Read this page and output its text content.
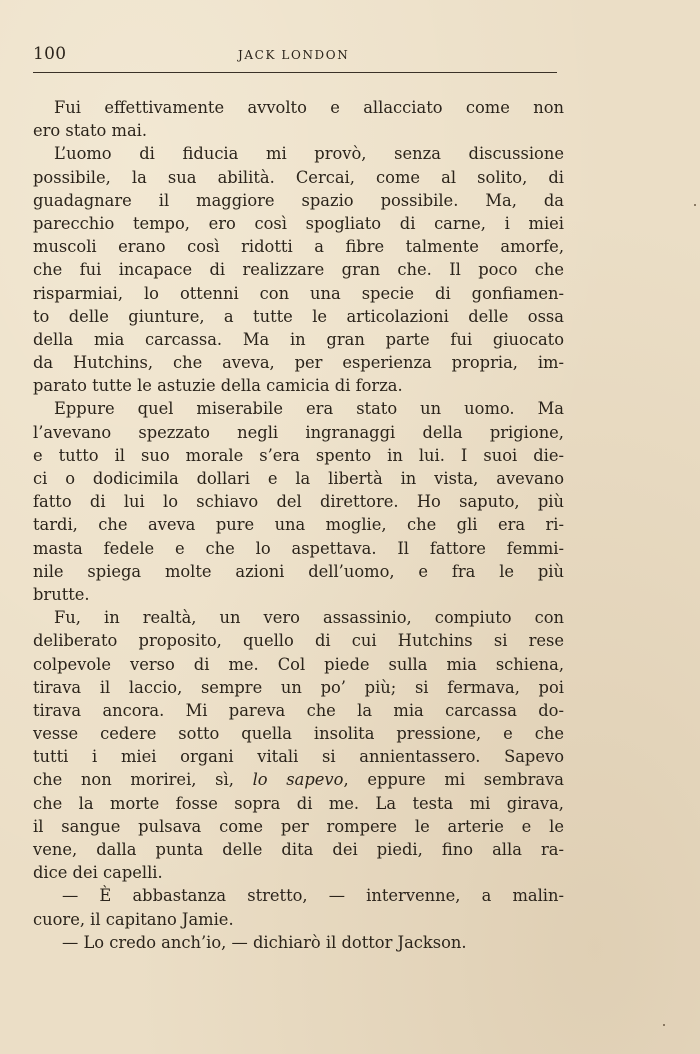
100	JACK LONDON
Fui effettivamente avvolto e allacciato come non
ero stato mai.
L’uomo di fiducia mi provò, senza discussione
possibile, la sua abilità. Cercai, come al solito, di
guadagnare il maggiore spazio possibile. Ma, da
parecchio tempo, ero così spogliato di carne, i miei
muscoli erano così ridotti a fibre talmente amorfe,
che fui incapace di realizzare gran che. Il poco che
risparmiai, lo ottenni con una specie di gonfiamen-
to delle giunture, a tutte le articolazioni delle ossa
della mia carcassa. Ma in gran parte fui giuocato
da Hutchins, che aveva, per esperienza propria, im-
parato tutte le astuzie della camicia di forza.
Eppure quel miserabile era stato un uomo. Ma
l’avevano spezzato negli ingranaggi della prigione,
e tutto il suo morale s’era spento in lui. I suoi die-
ci o dodicimila dollari e la libertà in vista, avevano
fatto di lui lo schiavo del direttore. Ho saputo, più
tardi, che aveva pure una moglie, che gli era ri-
masta fedele e che lo aspettava. Il fattore femmi-
nile spiega molte azioni dell’uomo, e fra le più
brutte.
Fu, in realtà, un vero assassinio, compiuto con
deliberato proposito, quello di cui Hutchins si rese
colpevole verso di me. Col piede sulla mia schiena,
tirava il laccio, sempre un po’ più; si fermava, poi
tirava ancora. Mi pareva che la mia carcassa do-
vesse cedere sotto quella insolita pressione, e che
tutti i miei organi vitali si annientassero. Sapevo
che non morirei, sì, lo sapevo, eppure mi sembrava
che la morte fosse sopra di me. La testa mi girava,
il sangue pulsava come per rompere le arterie e le
vene, dalla punta delle dita dei piedi, fino alla ra-
dice dei capelli.
— È abbastanza stretto, — intervenne, a malin-
cuore, il capitano Jamie.
— Lo credo anch’io, — dichiarò il dottor Jackson.
